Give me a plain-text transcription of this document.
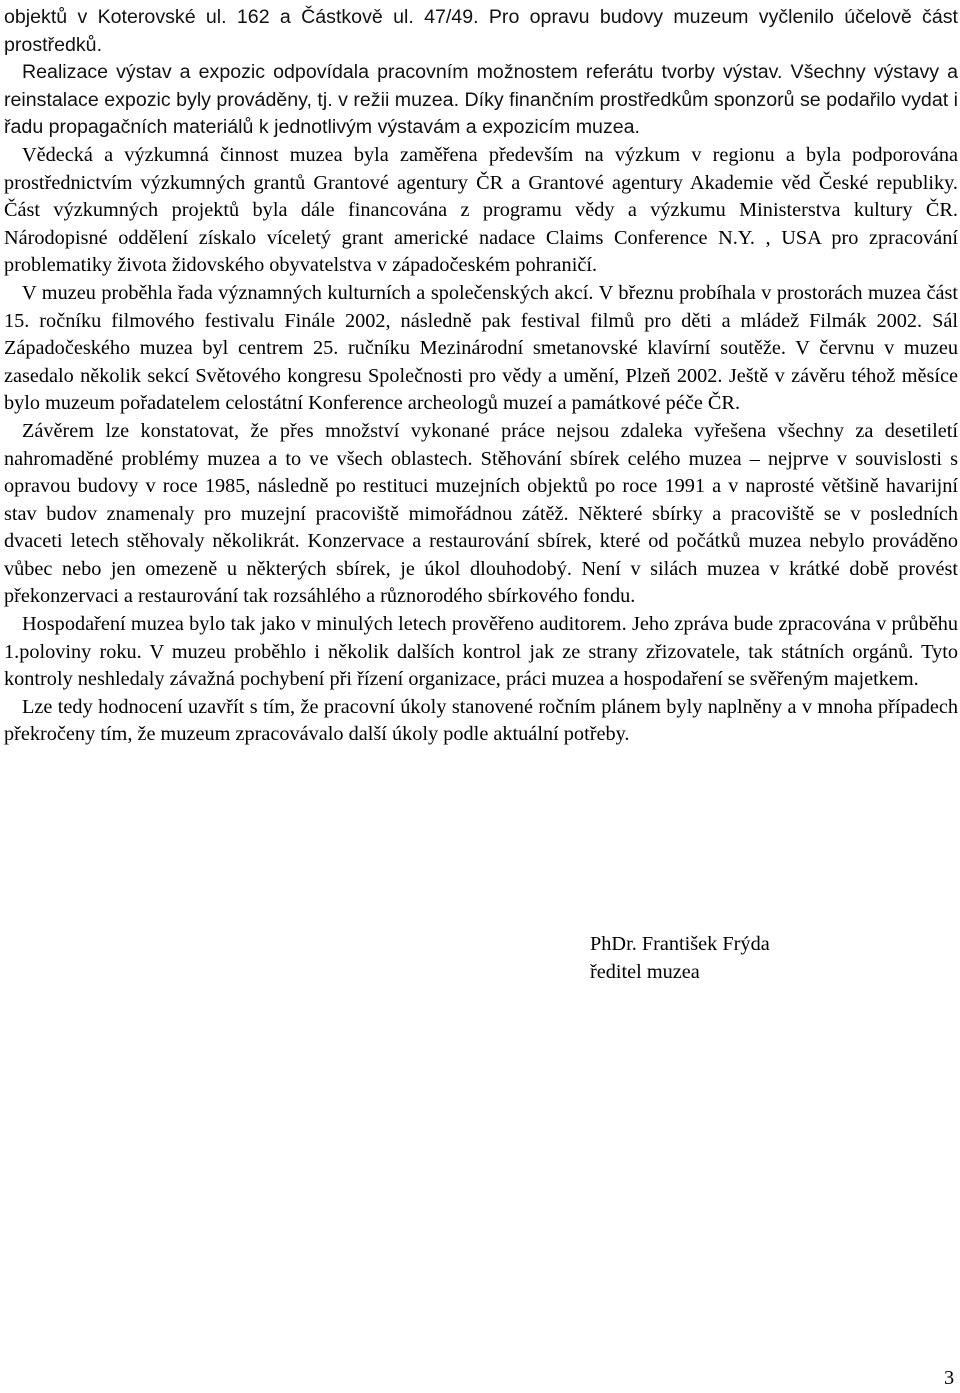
objektů v Koterovské ul. 162 a Částkově ul. 47/49. Pro opravu budovy muzeum vyčlenilo účelově část prostředků.

Realizace výstav a expozic odpovídala pracovním možnostem referátu tvorby výstav. Všechny výstavy a reinstalace expozic byly prováděny, tj. v režii muzea. Díky finančním prostředkům sponzorů se podařilo vydat i řadu propagačních materiálů k jednotlivým výstavám a expozicím muzea.

Vědecká a výzkumná činnost muzea byla zaměřena především na výzkum v regionu a byla podporována prostřednictvím výzkumných grantů Grantové agentury ČR a Grantové agentury Akademie věd České republiky. Část výzkumných projektů byla dále financována z programu vědy a výzkumu Ministerstva kultury ČR. Národopisné oddělení získalo víceletý grant americké nadace Claims Conference N.Y. , USA pro zpracování problematiky života židovského obyvatelstva v západočeském pohraničí.

V muzeu proběhla řada významných kulturních a společenských akcí. V březnu probíhala v prostorách muzea část 15. ročníku filmového festivalu Finále 2002, následně pak festival filmů pro děti a mládež Filmák 2002. Sál Západočeského muzea byl centrem 25. ručníku Mezinárodní smetanovské klavírní soutěže. V červnu v muzeu zasedalo několik sekcí Světového kongresu Společnosti pro vědy a umění, Plzeň 2002. Ještě v závěru téhož měsíce bylo muzeum pořadatelem celostátní Konference archeologů muzeí a památkové péče ČR.

Závěrem lze konstatovat, že přes množství vykonané práce nejsou zdaleka vyřešena všechny za desetiletí nahromaděné problémy muzea a to ve všech oblastech. Stěhování sbírek celého muzea – nejprve v souvislosti s opravou budovy v roce 1985, následně po restituci muzejních objektů po roce 1991 a v naprosté většině havarijní stav budov znamenaly pro muzejní pracoviště mimořádnou zátěž. Některé sbírky a pracoviště se v posledních dvaceti letech stěhovaly několikrát. Konzervace a restaurování sbírek, které od počátků muzea nebylo prováděno vůbec nebo jen omezeně u některých sbírek, je úkol dlouhodobý. Není v silách muzea v krátké době provést překonzervaci a restaurování tak rozsáhlého a různorodého sbírkového fondu.

Hospodaření muzea bylo tak jako v minulých letech prověřeno auditorem. Jeho zpráva bude zpracována v průběhu 1.poloviny roku. V muzeu proběhlo i několik dalších kontrol jak ze strany zřizovatele, tak státních orgánů. Tyto kontroly neshledaly závažná pochybení při řízení organizace, práci muzea a hospodaření se svěřeným majetkem.

Lze tedy hodnocení uzavřít s tím, že pracovní úkoly stanovené ročním plánem byly naplněny a v mnoha případech překročeny tím, že muzeum zpracovávalo další úkoly podle aktuální potřeby.

PhDr. František Frýda
ředitel muzea
3
